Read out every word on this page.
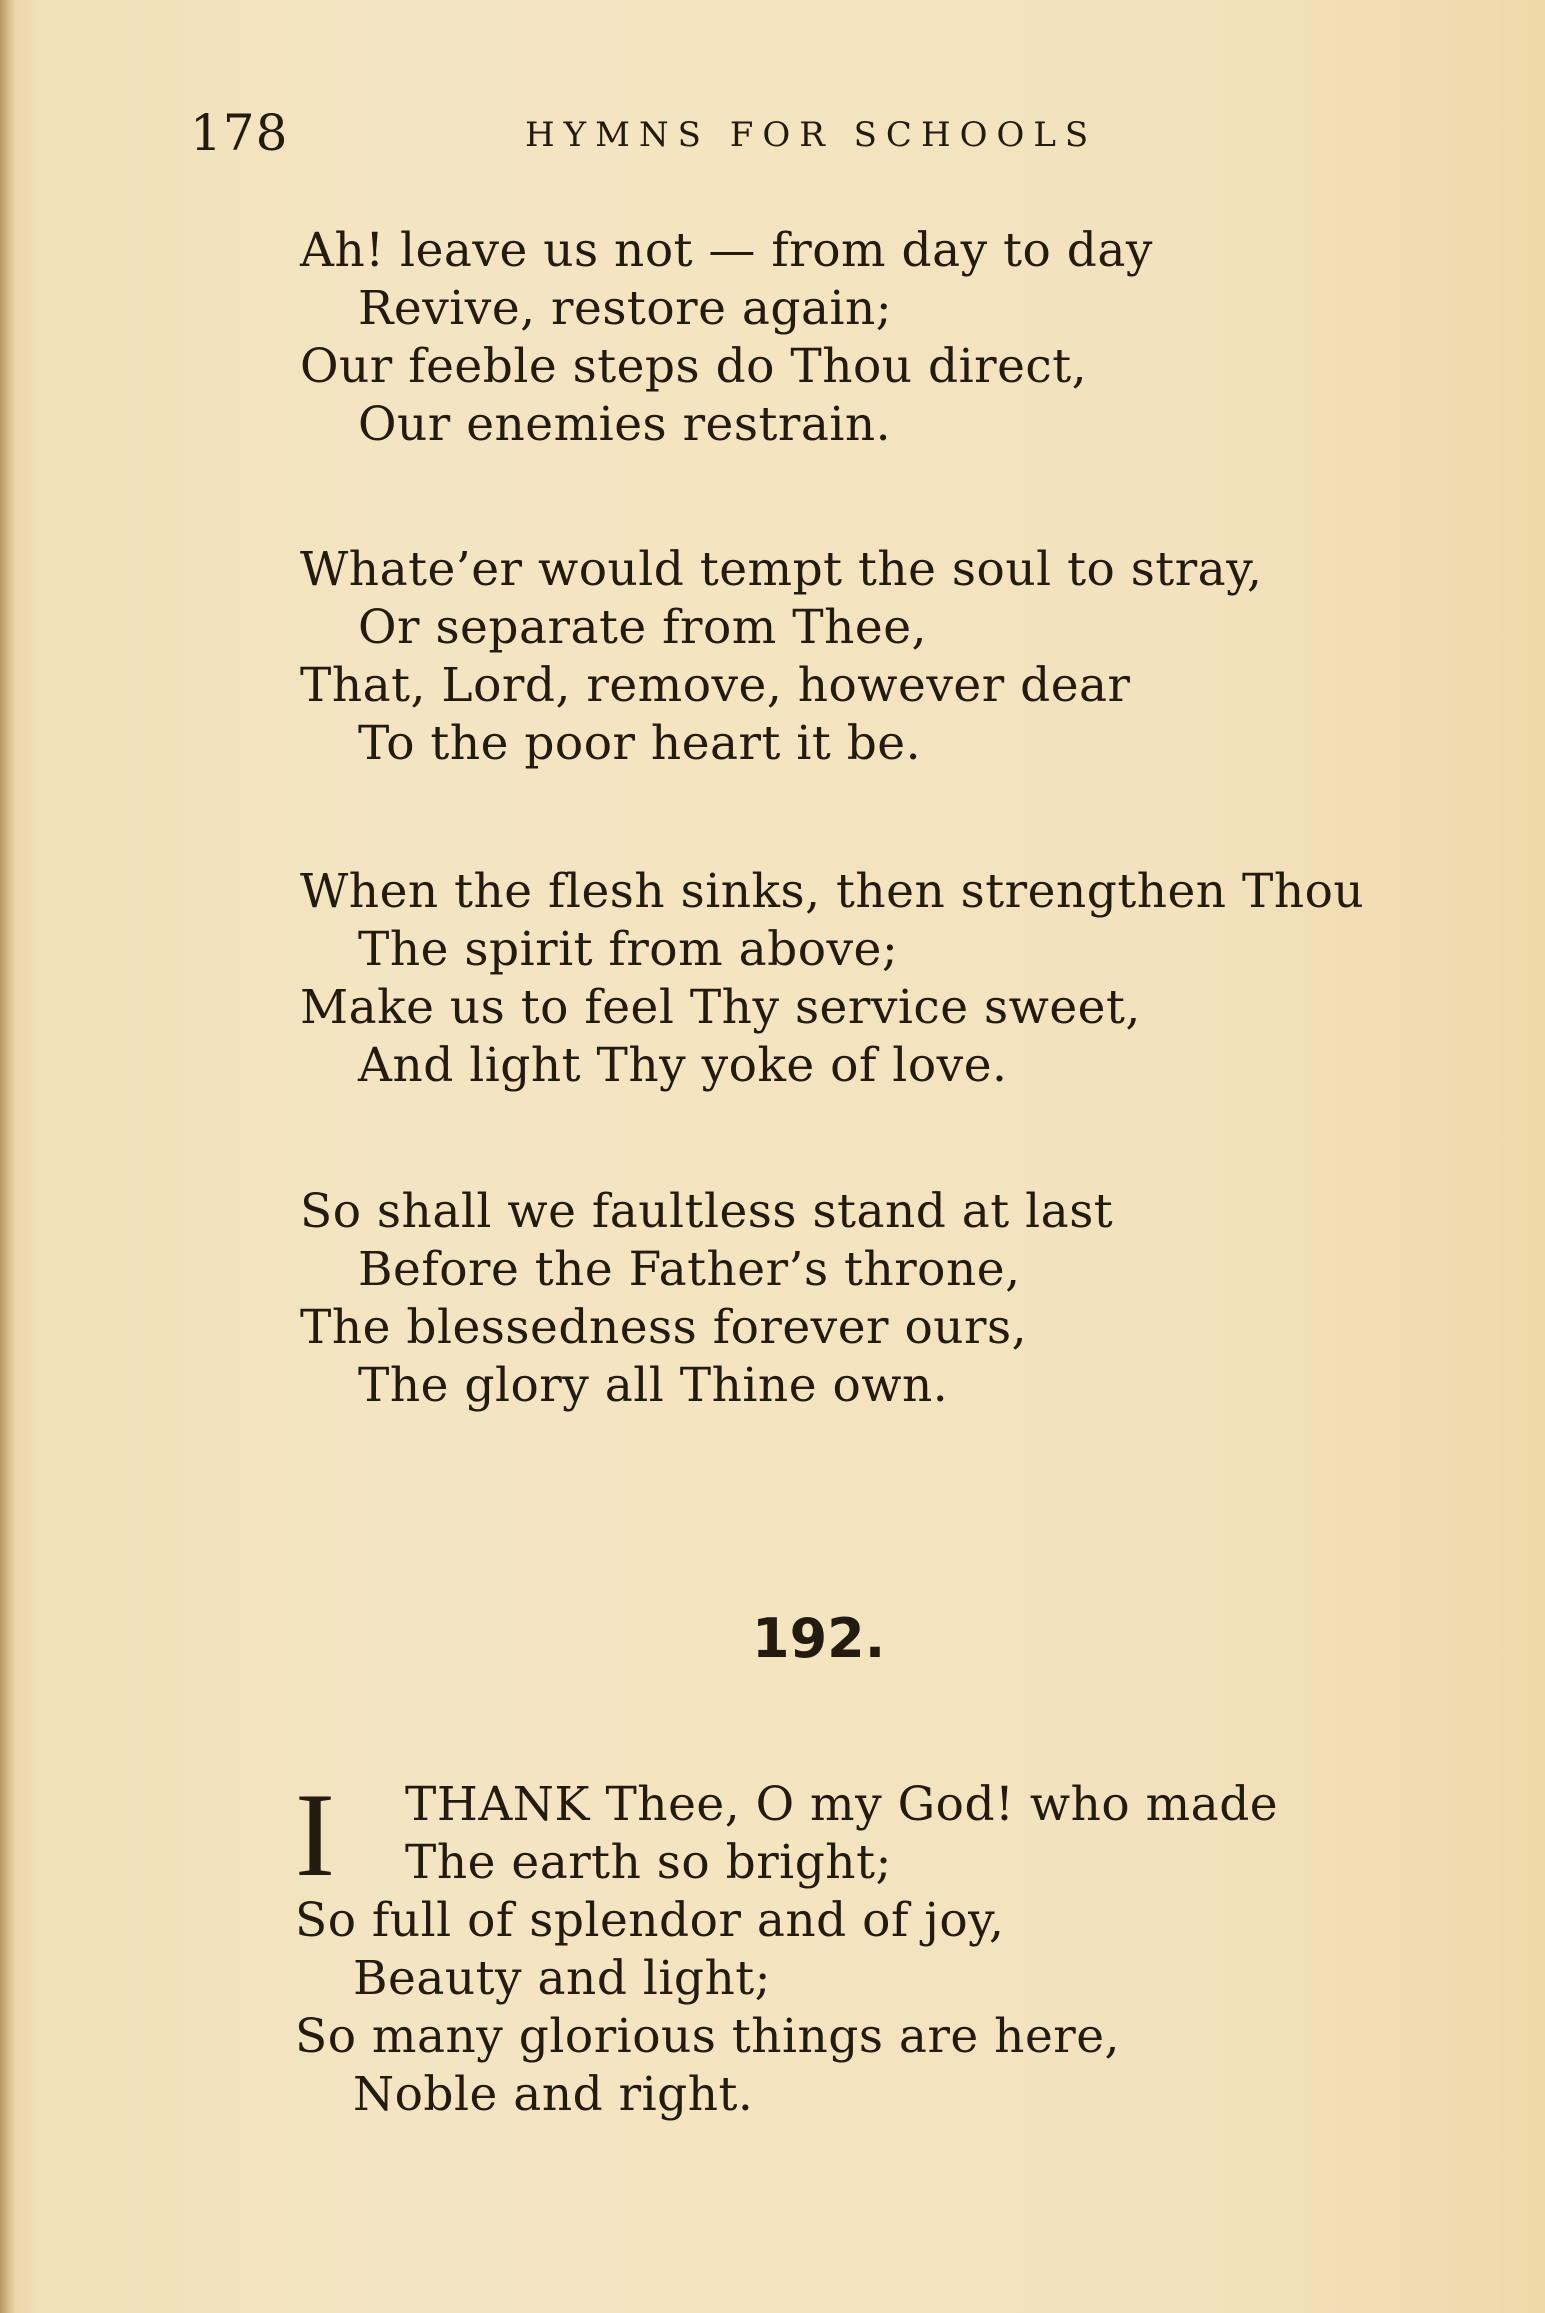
178	HYMNS FOR SCHOOLS
Ah! leave us not — from day to day
Revive, restore again;
Our feeble steps do Thou direct,
Our enemies restrain.
Whate’er would tempt the soul to stray,
Or separate from Thee,
That, Lord, remove, however dear
To the poor heart it be.
When the flesh sinks, then strengthen Thou
The spirit from above;
Make us to feel Thy service sweet,
And light Thy yoke of love.
So shall we faultless stand at last
Before the Father’s throne,
The blessedness forever ours,
The glory all Thine own.
192.
I	THANK Thee, O my God! who made
The earth so bright;
So full of splendor and of joy,
Beauty and light;
So many glorious things are here,
Noble and right.
